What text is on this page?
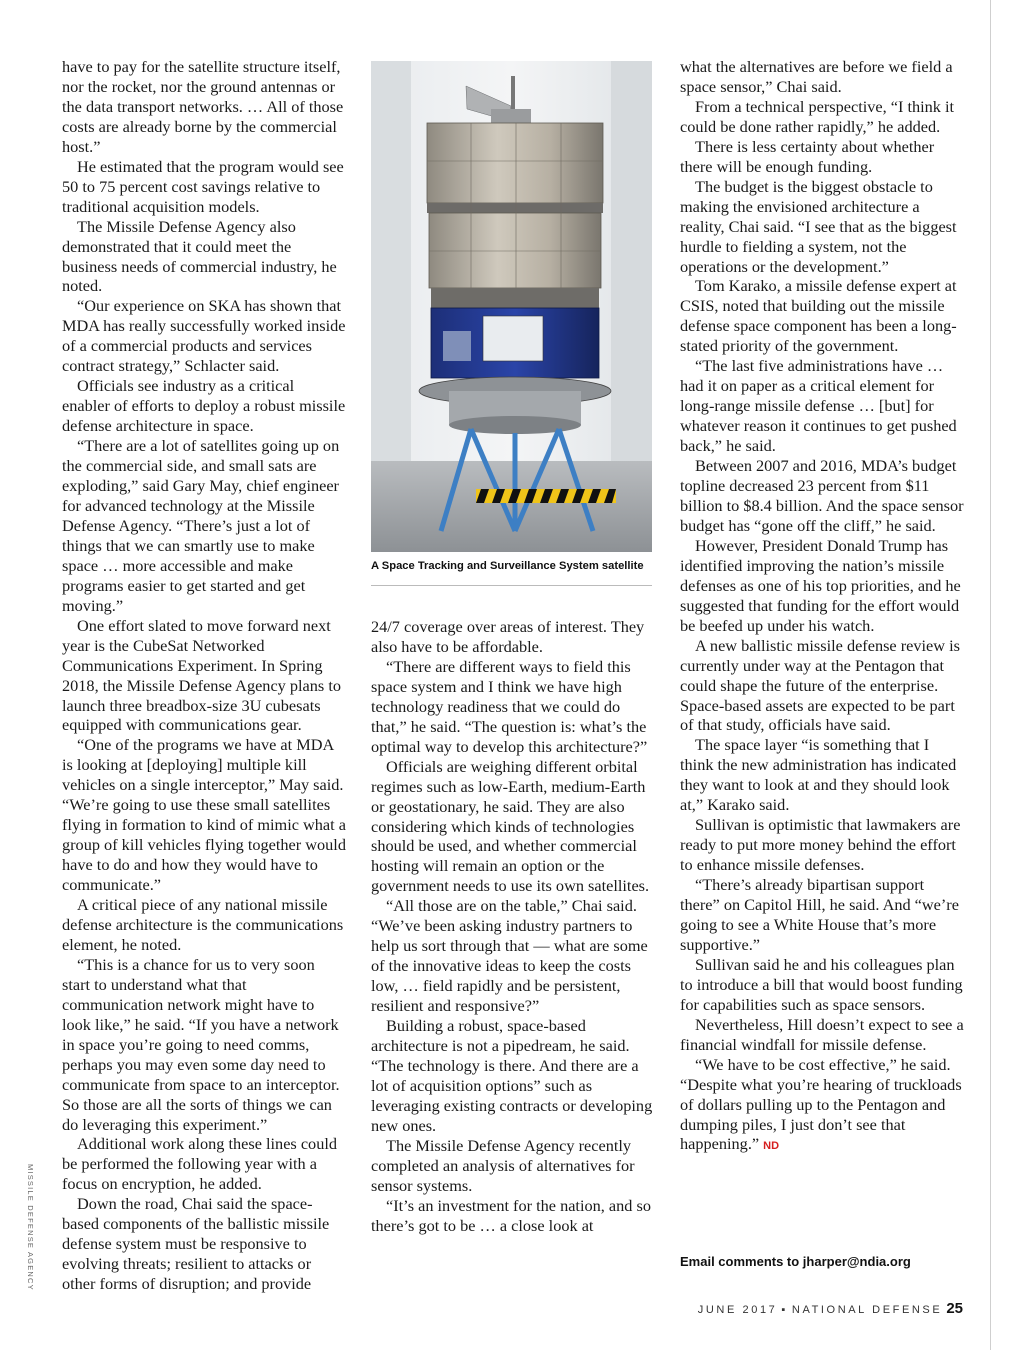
have to pay for the satellite structure itself, nor the rocket, nor the ground antennas or the data transport networks. … All of those costs are already borne by the commercial host.”

He estimated that the program would see 50 to 75 percent cost savings relative to traditional acquisition models.

The Missile Defense Agency also demonstrated that it could meet the business needs of commercial industry, he noted.

“Our experience on SKA has shown that MDA has really successfully worked inside of a commercial products and services contract strategy,” Schlacter said.

Officials see industry as a critical enabler of efforts to deploy a robust missile defense architecture in space.

“There are a lot of satellites going up on the commercial side, and small sats are exploding,” said Gary May, chief engineer for advanced technology at the Missile Defense Agency. “There’s just a lot of things that we can smartly use to make space … more accessible and make programs easier to get started and get moving.”

One effort slated to move forward next year is the CubeSat Networked Communications Experiment. In Spring 2018, the Missile Defense Agency plans to launch three breadbox-size 3U cubesats equipped with communications gear.

“One of the programs we have at MDA is looking at [deploying] multiple kill vehicles on a single interceptor,” May said. “We’re going to use these small satellites flying in formation to kind of mimic what a group of kill vehicles flying together would have to do and how they would have to communicate.”

A critical piece of any national missile defense architecture is the communications element, he noted.

“This is a chance for us to very soon start to understand what that communication network might have to look like,” he said. “If you have a network in space you’re going to need comms, perhaps you may even some day need to communicate from space to an interceptor. So those are all the sorts of things we can do leveraging this experiment.”

Additional work along these lines could be performed the following year with a focus on encryption, he added.

Down the road, Chai said the space-based components of the ballistic missile defense system must be responsive to evolving threats; resilient to attacks or other forms of disruption; and provide

A Space Tracking and Surveillance System satellite

24/7 coverage over areas of interest. They also have to be affordable.

“There are different ways to field this space system and I think we have high technology readiness that we could do that,” he said. “The question is: what’s the optimal way to develop this architecture?”

Officials are weighing different orbital regimes such as low-Earth, medium-Earth or geostationary, he said. They are also considering which kinds of technologies should be used, and whether commercial hosting will remain an option or the government needs to use its own satellites.

“All those are on the table,” Chai said. “We’ve been asking industry partners to help us sort through that — what are some of the innovative ideas to keep the costs low, … field rapidly and be persistent, resilient and responsive?”

Building a robust, space-based architecture is not a pipedream, he said. “The technology is there. And there are a lot of acquisition options” such as leveraging existing contracts or developing new ones.

The Missile Defense Agency recently completed an analysis of alternatives for sensor systems.

“It’s an investment for the nation, and so there’s got to be … a close look at

what the alternatives are before we field a space sensor,” Chai said.

From a technical perspective, “I think it could be done rather rapidly,” he added.

There is less certainty about whether there will be enough funding.

The budget is the biggest obstacle to making the envisioned architecture a reality, Chai said. “I see that as the biggest hurdle to fielding a system, not the operations or the development.”

Tom Karako, a missile defense expert at CSIS, noted that building out the missile defense space component has been a long-stated priority of the government.

“The last five administrations have … had it on paper as a critical element for long-range missile defense … [but] for whatever reason it continues to get pushed back,” he said.

Between 2007 and 2016, MDA’s budget topline decreased 23 percent from $11 billion to $8.4 billion. And the space sensor budget has “gone off the cliff,” he said.

However, President Donald Trump has identified improving the nation’s missile defenses as one of his top priorities, and he suggested that funding for the effort would be beefed up under his watch.

A new ballistic missile defense review is currently under way at the Pentagon that could shape the future of the enterprise. Space-based assets are expected to be part of that study, officials have said.

The space layer “is something that I think the new administration has indicated they want to look at and they should look at,” Karako said.

Sullivan is optimistic that lawmakers are ready to put more money behind the effort to enhance missile defenses.

“There’s already bipartisan support there” on Capitol Hill, he said. And “we’re going to see a White House that’s more supportive.”

Sullivan said he and his colleagues plan to introduce a bill that would boost funding for capabilities such as space sensors.

Nevertheless, Hill doesn’t expect to see a financial windfall for missile defense.

“We have to be cost effective,” he said. “Despite what you’re hearing of truckloads of dollars pulling up to the Pentagon and dumping piles, I just don’t see that happening.” ND

Email comments to jharper@ndia.org
MISSILE DEFENSE AGENCY
JUNE 2017 ▪ NATIONAL DEFENSE 25
